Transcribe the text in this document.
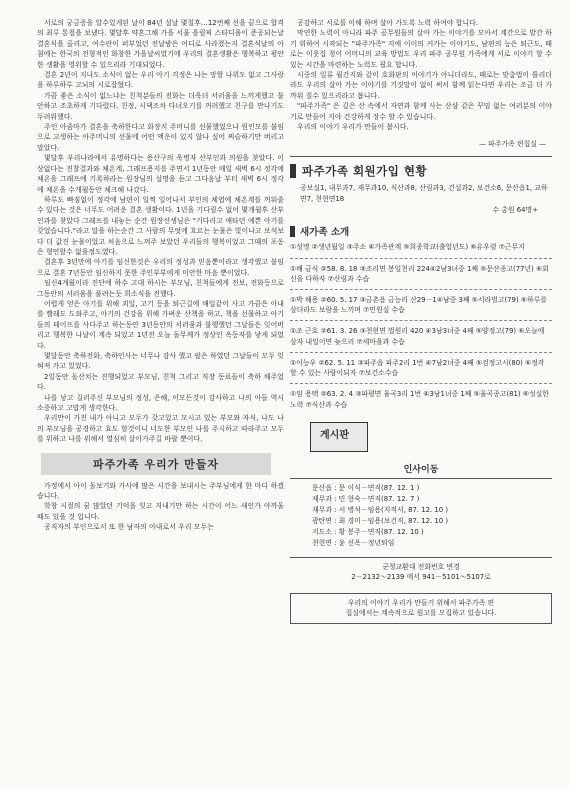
서로의 궁금증을 알수있게된 날이 84년 설날 몇칠후…12번째 선을 끝으로 합격의 최루 통첩을 보냈다. 몇달후 약혼그해 가을 서울 을림픽 스타디움이 준공되는날 결혼식을 올리고, 여수란이 퍼부었던 전날밤은 어디로 사라졌는지 결혼식날의 아침에는 한국의 전형적인 화창한 가을날씨였기에 우리의 결혼생활은 행복하고 평안한 생활을 영위할 수 있으리라 기대되었다.

결혼 2년이 지나도 소식이 없는 우리 아기 걱정은 나는 망할 나위도 없고 그사랑을 하루하루 고뇌의 시로잡혔다.

가끔 좋은 소식이 없느냐는 친척분들의 전화는 더욱더 서러움을 느끼게했고 불안하고 조초하게 기다렸다. 친정, 시댁조차 다녀오기를 꺼려했고 친구를 만나기도 두려워했다.

주인 아줌마가 결혼을 축하한다고 화장지 주머니를 선물했었으나 원인모를 불임으로 고생하는 아주머니의 선물에 어떤 액운이 있지 않나 싶어 찌슬하기만 버리고 말았다.

몇달후 우리나라에서 유명하다는 용산구의 욱병자 산부인과 의원을 찾았다. 이상없다는 진찰결과와 체온계, 그래프용지를 주면서 1년동안 매일 새벽 6시 정각에 체온을 그래프에 기록하라는 원장님의 설명을 듣고 그다음날 부터 새벽 6시 정각에 체온을 수개월동안 체크해 나갔다.

하루도 빠짐없이 정각에 남편이 일찍 일어나서 부인의 체엽에 체온계를 꺼워줄수 있다는 것은 너무도 어려운 결혼 생활이다. 1년을 기다림수 없어 몇개월후 산부인과를 찾았다 그래프를 내놓는 순간 원장선생님은 "기다리고 애타던 예쁜 아기를 갖었습니다."라고 말을 하는순간 그 사람의 무엇에 흐르는 눈물은 빛이나고 보석보다 더 값진 눈물이었고 처음으로 느껴주 보았던 우리들의 행복이었고 그때의 포옹은 형언할수 없을정도였다.

결혼후 3년만에 아기를 임신한것은 우리의 정성과 믿음뿐이라고 생각했고 불임으로 결혼 7년동안 임신하지 못한 주인부부에게 미안한 마음 뿐이었다.

임신4개월이라 진단에 하수 고대 하시는 부모님, 친척들에게 전보, 전화등으로 그동안의 서러움을 풀려는듯 희소식을 전했다.

어렵게 얻은 아기를 위해 괴일, 고기 등을 퇴근길에 매일같이 사고 가끔은 아내를 빨래도 도와주고, 아기의 건강을 위해 가벼운 산책을 하고, 책을 선물하고 아기들의 테이프를 사다주고 하는동안 3년동안의 서러움과 불행했던 그날들은 잊어버리고 행복한 나날이 계속 되었고 1년전 오늘 돌무께가 정상인 옥동자를 낳게 되었다.

몇달동안 축하전화, 축하인사는 너무나 감사 했고 팔은 하였던 그날들이 모두 잊혀져 가고 있었다.

2일동안 돌산치는 진행되었고 부모님, 친척 그리고 직장 동료들이 축하 해주었다.

나를 낳고 길러주신 부모님의 정성, 은혜, 이모든것이 감사하고 나의 아들 역시 소중하고 고맙게 생각한다.

우리만이 가진 내가 아니고 모두가 갖고있고 모시고 있는 부모와 자식, 나도 나의 부모님을 공경하고 효도 할것이니 너도한 부모인 나를 주시하고 따라주고 모두를 위하고 나를 위해서 열심히 살아가주길 바랄 뿐이다.

파주가족 우리가 만들자

가정에서 아이 돌보기와 가사에 많은 시간을 보내시는 주부님에게 한 마디 하겠습니다.

학창 시절의 꿈 많았던 기억을 잊고 지내기만 하는 시간이 어느 새인가 아까울 때도 있을 것 입니다.

공직자의 부인으로서 또 한 남자의 아내로서 우리 모두는

공감하고 서로를 이해 하며 살아 가도록 노력 하여야 합니다.

막연한 노력이 아니라 파주 공무원들의 살아 가는 이야기를 모아서 계간으로 발간 하기 위하여 시작되는 "파주가족" 지에 이이의 커가는 이야기도, 남편의 능은 퇴근도, 때로는 이웃집 청이 어머니의 교육 방법도 우리 파주 공무원 가족에게 서로 이야기 할 수 있는 시간을 마련하는 노력도 필요 합니다.

시중의 일류 월간지와 같이 호화판의 이야기가 아니더라도, 때로는 맞춤법이 틀리더라도 우리의 살아 가는 이야기를 기짓말이 없이 써서 함께 읽는다면 우리는 조금 더 가까워 질수 있으리라고 봅니다.

"파주가족" 은 깊은 산 속에서 자연과 함께 사는 산삼 같은 꾸밈 없는 여러분의 이야기로 만들어 지야 건강하게 장수 할 수 있습니다.

우리의 이야기 우리가 만들어 봅시다.

— 파주가족 편집실 —
파주가족 회원가입 현황
공보실1, 내무과7, 재무과10, 식산과8, 산림과3, 건설과2, 보건소6, 문산읍1, 교하면7, 천현면18
수 총원 64명+
새가족 소개

①성명 ②생년월일 ③주소 ④가족관계 ⑤희종학교(출업년도) ⑥유우령 ⑦근무지

①배 금식 ②58. 8. 18 ③조리면 봉일천리 224④2남3녀중 1째 ⑤문산종고(77년) ⑥회신을 다하자 ⑦산림과 수습

①박 해용 ②60. 5. 17 ③금촌읍 금능리 산29－1④남중 3째 ⑤서라벌고(79) ⑥하루를 살더라도 보람을 느끼며 ⑦민원실 수습

①조 근호 ②61. 3. 26 ③천현면 법원리 420 ④3남3녀중 4째 ⑤양정고(79) ⑥오늘에 살자 내일이면 늦으리 ⑦세마을과 수습

①이능우 ②62. 5. 11 ③파주읍 파주2리 1번 ④7남2녀중 4째 ⑤검정고시(80) ⑥정각 할 수 있는 사람이되자 ⑦보건소수습

①임 용택 ②63. 2. 4 ③파평면 율곡3리 1번 ④3남1녀중 1째 ⑤율곡종고(81) ⑥성실한 노력 ⑦식산과 수습

게시판
인사이동
문산읍 : 문 이식－면직(87. 12. 1 )
재무과 : 민 현숙－면직(87. 12. 7 )
재무과 : 서 병석－임용(지적서, 87. 12. 10 )
광탄면 : 최 경미－임용(보건직, 87. 12. 10 )
지도소 : 황 봉주－면직(87. 12. 10 )
천현면 : 윤 선옥－정년퇴임
군청교환대 전화번호 변경
2－2132～2139 에서 941－5101～5107로
우리의 이야기 우리가 만들기 위해서 파주가족 편
집실에서는 계속적으로 원고를 모집하고 있습니다.
